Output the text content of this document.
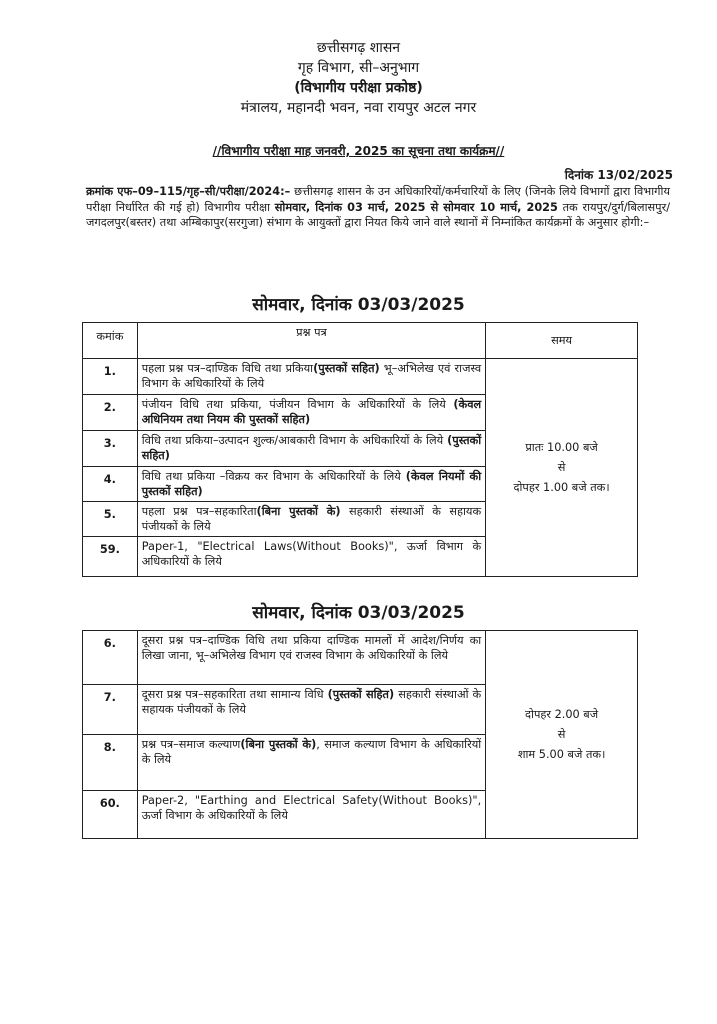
छत्तीसगढ़ शासन
गृह विभाग, सी–अनुभाग
(विभागीय परीक्षा प्रकोष्ठ)
मंत्रालय, महानदी भवन, नवा रायपुर अटल नगर
//विभागीय परीक्षा माह जनवरी, 2025 का सूचना तथा कार्यक्रम//
दिनांक 13/02/2025
क्रमांक एफ–09–115/गृह–सी/परीक्षा/2024:– छत्तीसगढ़ शासन के उन अधिकारियों/कर्मचारियों के लिए (जिनके लिये विभागों द्वारा विभागीय परीक्षा निर्धारित की गई हो) विभागीय परीक्षा सोमवार, दिनांक 03 मार्च, 2025 से सोमवार 10 मार्च, 2025 तक रायपुर/दुर्ग/बिलासपुर/जगदलपुर(बस्तर) तथा अम्बिकापुर(सरगुजा) संभाग के आयुक्तों द्वारा नियत किये जाने वाले स्थानों में निम्नांकित कार्यक्रमों के अनुसार होगी:–
सोमवार, दिनांक 03/03/2025
कमांक	प्रश्न पत्र	समय
1.	पहला प्रश्न पत्र–दाण्डिक विधि तथा प्रकिया(पुस्तकों सहित) भू–अभिलेख एवं राजस्व विभाग के अधिकारियों के लिये	प्रातः 10.00 बजे
से
दोपहर 1.00 बजे तक।

2.	पंजीयन विधि तथा प्रकिया, पंजीयन विभाग के अधिकारियों के लिये (केवल अधिनियम तथा नियम की पुस्तकों सहित)	
3.	विधि तथा प्रकिया–उत्पादन शुल्क/आबकारी विभाग के अधिकारियों के लिये (पुस्तकों सहित)	
4.	विधि तथा प्रकिया –विक्रय कर विभाग के अधिकारियों के लिये (केवल नियमों की पुस्तकों सहित)	
5.	पहला प्रश्न पत्र–सहकारिता(बिना पुस्तकों के) सहकारी संस्थाओं के सहायक पंजीयकों के लिये	
59.	Paper-1, "Electrical Laws(Without Books)", ऊर्जा विभाग के अधिकारियों के लिये	
सोमवार, दिनांक 03/03/2025
6.	दूसरा प्रश्न पत्र–दाण्डिक विधि तथा प्रकिया दाण्डिक मामलों में आदेश/निर्णय का लिखा जाना, भू–अभिलेख विभाग एवं राजस्व विभाग के अधिकारियों के लिये	दोपहर 2.00 बजे
से
शाम 5.00 बजे तक।

7.	दूसरा प्रश्न पत्र–सहकारिता तथा सामान्य विधि (पुस्तकों सहित) सहकारी संस्थाओं के सहायक पंजीयकों के लिये	
8.	प्रश्न पत्र–समाज कल्याण(बिना पुस्तकों के), समाज कल्याण विभाग के अधिकारियों के लिये	
60.	Paper-2, "Earthing and Electrical Safety(Without Books)", ऊर्जा विभाग के अधिकारियों के लिये	
